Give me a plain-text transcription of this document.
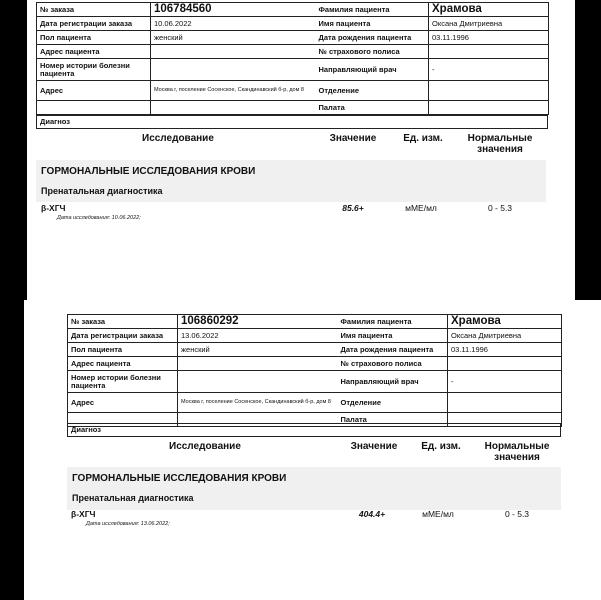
№ заказа	106784560		Фамилия пациента	Храмова
Дата регистрации заказа	10.06.2022		Имя пациента	Оксана Дмитриевна
Пол пациента	женский		Дата рождения пациента	03.11.1996
Адрес пациента			№ страхового полиса	
Номер истории болезни пациента			Направляющий врач	-
Адрес	Москва г, поселение Сосенское, Скандинавский б-р, дом 8		Отделение	
			Палата	
Диагноз
Исследование	Значение	Ед. изм.	Нормальные значения
ГОРМОНАЛЬНЫЕ ИССЛЕДОВАНИЯ КРОВИ
Пренатальная диагностика
β-ХГЧ	85.6+	мМЕ/мл	0 - 5.3
Дата исследования: 10.06.2022;
№ заказа	106860292		Фамилия пациента	Храмова
Дата регистрации заказа	13.06.2022		Имя пациента	Оксана Дмитриевна
Пол пациента	женский		Дата рождения пациента	03.11.1996
Адрес пациента			№ страхового полиса	
Номер истории болезни пациента			Направляющий врач	-
Адрес	Москва г, поселение Сосенское, Скандинавский б-р, дом 8		Отделение	
			Палата	
Диагноз
Исследование	Значение	Ед. изм.	Нормальные значения
ГОРМОНАЛЬНЫЕ ИССЛЕДОВАНИЯ КРОВИ
Пренатальная диагностика
β-ХГЧ	404.4+	мМЕ/мл	0 - 5.3
Дата исследования: 13.06.2022;
